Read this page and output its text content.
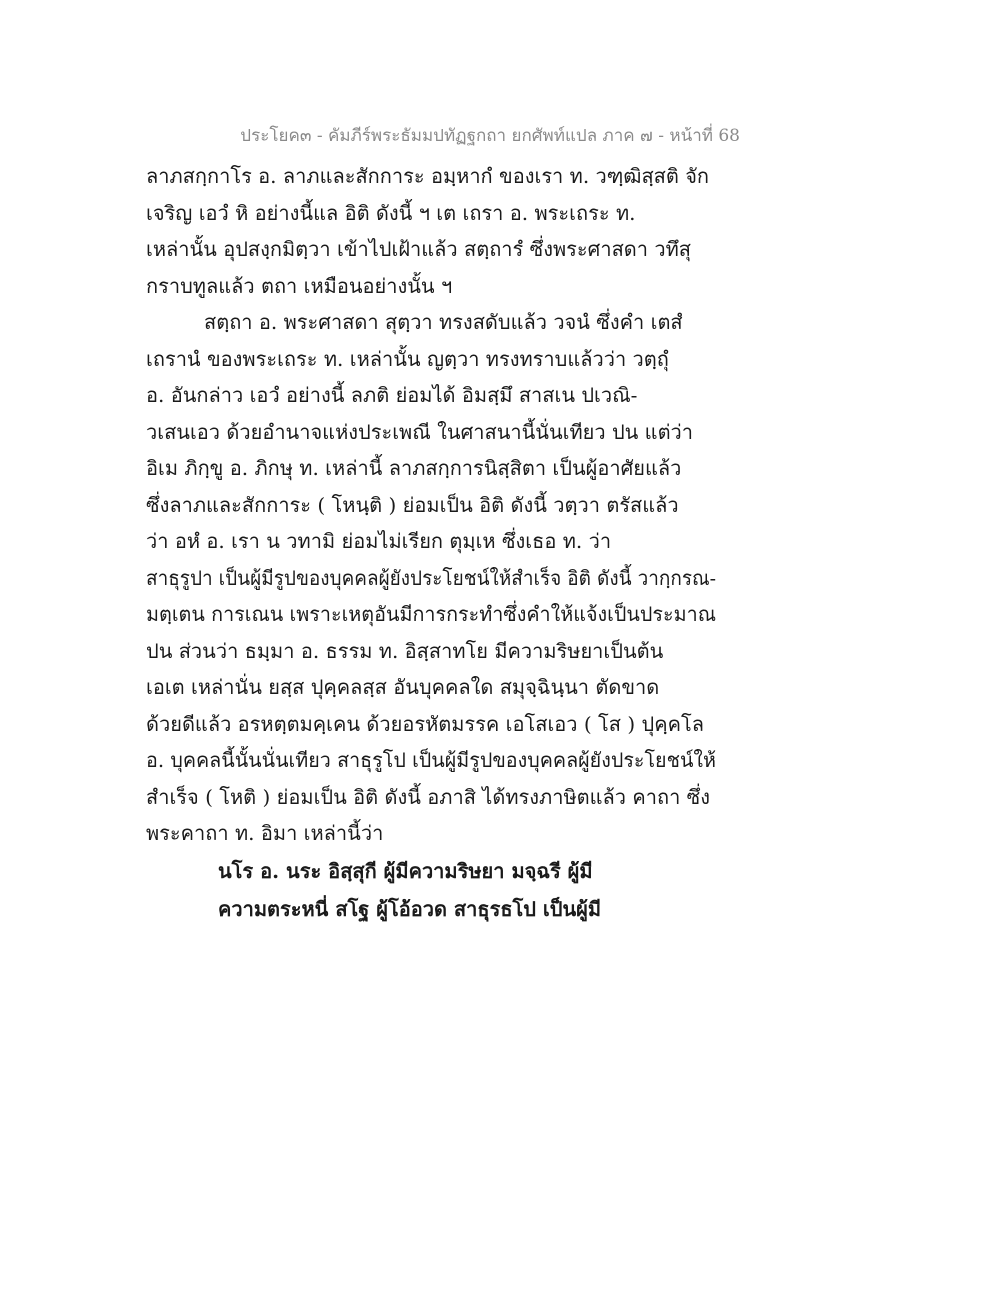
ประโยค๓ - คัมภีร์พระธัมมปทัฏฐกถา ยกศัพท์แปล ภาค ๗ - หน้าที่ 68
ลาภสกฺกาโร อ. ลาภและสักการะ อมฺหากํ ของเรา ท. วฑฺฒิสฺสติ จัก
เจริญ เอวํ หิ อย่างนี้แล อิติ ดังนี้ ฯ เต เถรา อ. พระเถระ ท.
เหล่านั้น อุปสงฺกมิตฺวา เข้าไปเฝ้าแล้ว สตฺถารํ ซึ่งพระศาสดา วทึสุ
กราบทูลแล้ว ตถา เหมือนอย่างนั้น ฯ
สตฺถา อ. พระศาสดา สุตฺวา ทรงสดับแล้ว วจนํ ซึ่งคำ เตสํ
เถรานํ ของพระเถระ ท. เหล่านั้น ญตฺวา ทรงทราบแล้วว่า วตฺถุํ
อ. อันกล่าว เอวํ อย่างนี้ ลภติ ย่อมได้ อิมสฺมึ สาสเน ปเวณิ-
วเสนเอว ด้วยอำนาจแห่งประเพณี ในศาสนานี้นั่นเทียว ปน แต่ว่า
อิเม ภิกฺขู อ. ภิกษุ ท. เหล่านี้ ลาภสกฺการนิสฺสิตา เป็นผู้อาศัยแล้ว
ซึ่งลาภและสักการะ ( โหนฺติ ) ย่อมเป็น อิติ ดังนี้ วตฺวา ตรัสแล้ว
ว่า อหํ อ. เรา น วทามิ ย่อมไม่เรียก ตุมฺเห ซึ่งเธอ ท. ว่า
สาธุรูปา เป็นผู้มีรูปของบุคคลผู้ยังประโยชน์ให้สำเร็จ อิติ ดังนี้ วากฺกรณ-
มตฺเตน การเณน เพราะเหตุอันมีการกระทำซึ่งคำให้แจ้งเป็นประมาณ
ปน ส่วนว่า ธมฺมา อ. ธรรม ท. อิสฺสาทโย มีความริษยาเป็นต้น
เอเต เหล่านั่น ยสฺส ปุคฺคลสฺส อันบุคคลใด สมุจฺฉินฺนา ตัดขาด
ด้วยดีแล้ว อรหตฺตมคฺเคน ด้วยอรหัตมรรค เอโสเอว ( โส ) ปุคฺคโล
อ. บุคคลนี้นั้นนั่นเทียว สาธุรูโป เป็นผู้มีรูปของบุคคลผู้ยังประโยชน์ให้
สำเร็จ ( โหติ ) ย่อมเป็น อิติ ดังนี้ อภาสิ ได้ทรงภาษิตแล้ว คาถา ซึ่ง
พระคาถา ท. อิมา เหล่านี้ว่า
นโร อ. นระ อิสฺสุกี ผู้มีความริษยา มจฺฉรี ผู้มี
ความตระหนี่ สโฐ ผู้โอ้อวด สาธุรธโป เป็นผู้มี
